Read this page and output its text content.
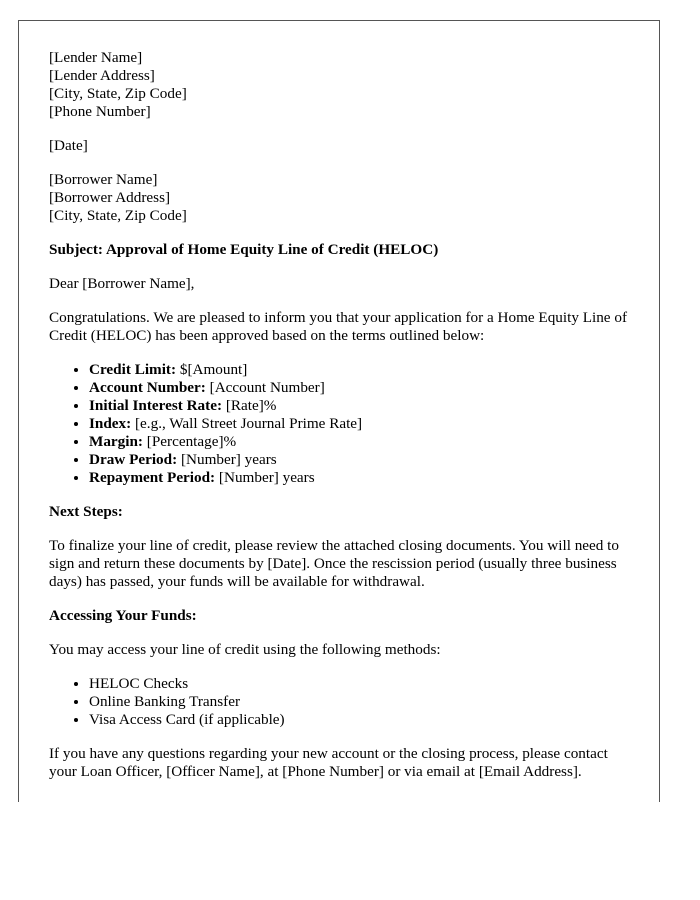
[Lender Name]
[Lender Address]
[City, State, Zip Code]
[Phone Number]

[Date]

[Borrower Name]
[Borrower Address]
[City, State, Zip Code]

Subject: Approval of Home Equity Line of Credit (HELOC)

Dear [Borrower Name],

Congratulations. We are pleased to inform you that your application for a Home Equity Line of Credit (HELOC) has been approved based on the terms outlined below:

• Credit Limit: $[Amount]
• Account Number: [Account Number]
• Initial Interest Rate: [Rate]%
• Index: [e.g., Wall Street Journal Prime Rate]
• Margin: [Percentage]%
• Draw Period: [Number] years
• Repayment Period: [Number] years

Next Steps:

To finalize your line of credit, please review the attached closing documents. You will need to sign and return these documents by [Date]. Once the rescission period (usually three business days) has passed, your funds will be available for withdrawal.

Accessing Your Funds:

You may access your line of credit using the following methods:

• HELOC Checks
• Online Banking Transfer
• Visa Access Card (if applicable)

If you have any questions regarding your new account or the closing process, please contact your Loan Officer, [Officer Name], at [Phone Number] or via email at [Email Address].
